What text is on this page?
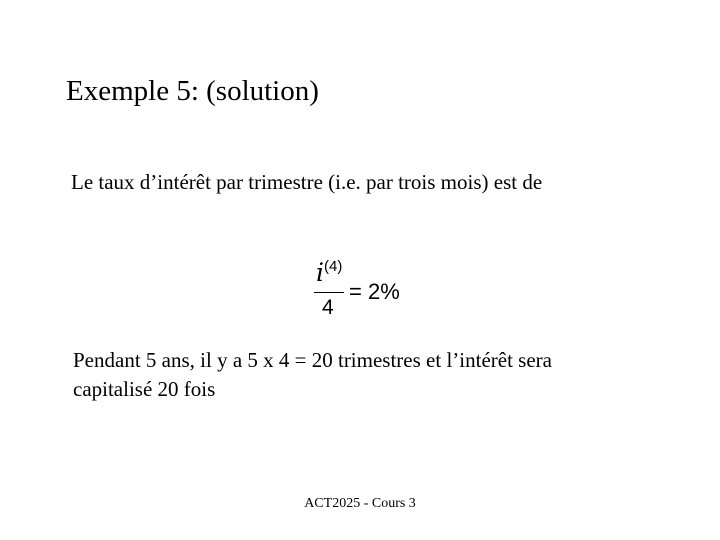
Exemple 5: (solution)
Le taux d’intérêt par trimestre (i.e. par trois mois) est de
i(4)
4
= 2%
Pendant 5 ans, il y a 5 x 4 = 20 trimestres et l’intérêt sera
capitalisé 20 fois
ACT2025 - Cours 3
